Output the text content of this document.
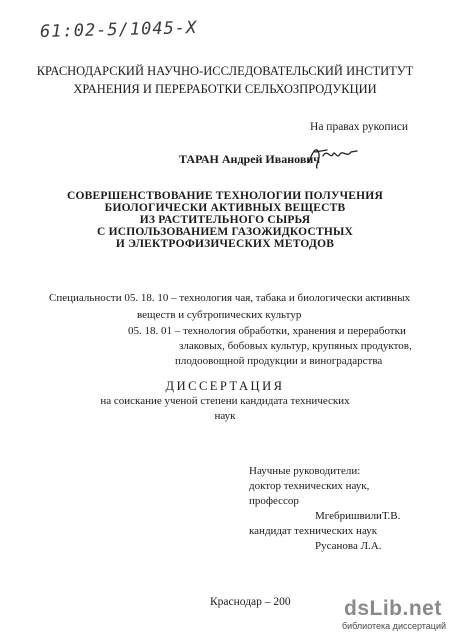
61:02-5/1045-X
КРАСНОДАРСКИЙ НАУЧНО-ИССЛЕДОВАТЕЛЬСКИЙ ИНСТИТУТ
ХРАНЕНИЯ И ПЕРЕРАБОТКИ СЕЛЬХОЗПРОДУКЦИИ
На правах рукописи
ТАРАН Андрей Иванович
СОВЕРШЕНСТВОВАНИЕ ТЕХНОЛОГИИ ПОЛУЧЕНИЯ
БИОЛОГИЧЕСКИ АКТИВНЫХ ВЕЩЕСТВ
ИЗ РАСТИТЕЛЬНОГО СЫРЬЯ
С ИСПОЛЬЗОВАНИЕМ ГАЗОЖИДКОСТНЫХ
И ЭЛЕКТРОФИЗИЧЕСКИХ МЕТОДОВ
Специальности 05. 18. 10 – технология чая, табака и биологически активных
веществ и субтропических культур
05. 18. 01 – технология обработки, хранения и переработки
злаковых, бобовых культур, крупяных продуктов,
плодоовощной продукции и виноградарства
ДИССЕРТАЦИЯ
на соискание ученой степени кандидата технических
наук
Научные руководители:
доктор технических наук,
профессор
МгебришвилиТ.В.
кандидат технических наук
Русанова Л.А.
Краснодар – 200	dsLib.net
библиотека диссертаций
